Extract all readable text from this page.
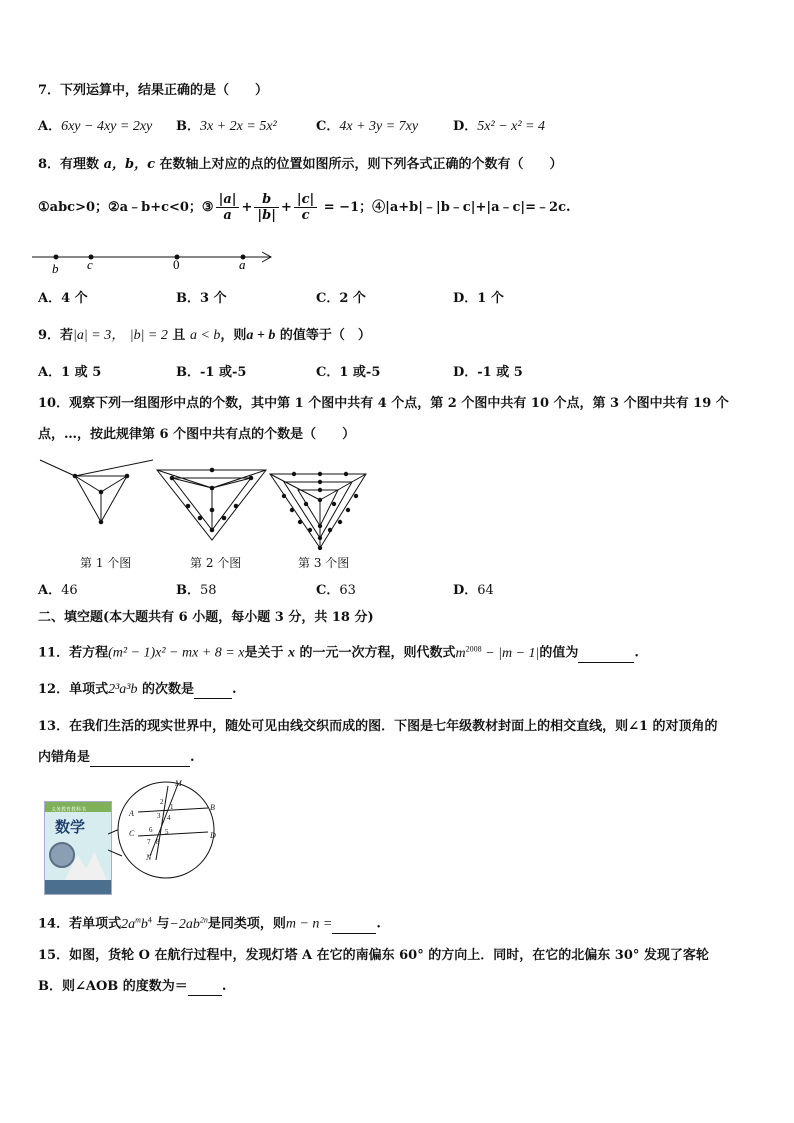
7．下列运算中，结果正确的是（　　）
A．6xy − 4xy = 2xy B．3x + 2x = 5x²	C．4x + 3y = 7xy	D．5x² − x² = 4
8．有理数 a，b，c 在数轴上对应的点的位置如图所示，则下列各式正确的个数有（　　）
①abc>0；②a﹣b+c<0；③ $\frac{|a|}{a} + \frac{b}{|b|} + \frac{|c|}{c} = -1$；④|a+b|﹣|b﹣c|+|a﹣c|=﹣2c.
b c	0	a
A．4 个	B．3 个	C．2 个	D．1 个
9．若|a| = 3， |b| = 2 且 a < b，则a + b 的值等于（　）
A．1 或 5	B．-1 或-5	C．1 或-5	D．-1 或 5
10．观察下列一组图形中点的个数，其中第 1 个图中共有 4 个点，第 2 个图中共有 10 个点，第 3 个图中共有 19 个
点，…，按此规律第 6 个图中共有点的个数是（　　）
第 1 个图	第 2 个图	第 3 个图
A．46	B．58	C．63	D．64
二、填空题(本大题共有 6 小题，每小题 3 分，共 18 分)
11．若方程(m² − 1)x² − mx + 8 = x是关于 x 的一元一次方程，则代数式$m^{2008} - |m - 1|$的值为	.
12．单项式2³a³b 的次数是	.
13．在我们生活的现实世界中，随处可见由线交织而成的图．下图是七年级教材封面上的相交直线，则∠1 的对顶角的
内错角是	.
义务教育教科书
数学
M
A
B
C	D
N
1
2
3 4
5
6
7 8
14．若单项式$2a^mb^4$ 与$-2ab^{2n}$是同类项，则m − n =	.
15．如图，货轮 O 在航行过程中，发现灯塔 A 在它的南偏东 60° 的方向上．同时，在它的北偏东 30° 发现了客轮
B．则∠AOB 的度数为＝	.
